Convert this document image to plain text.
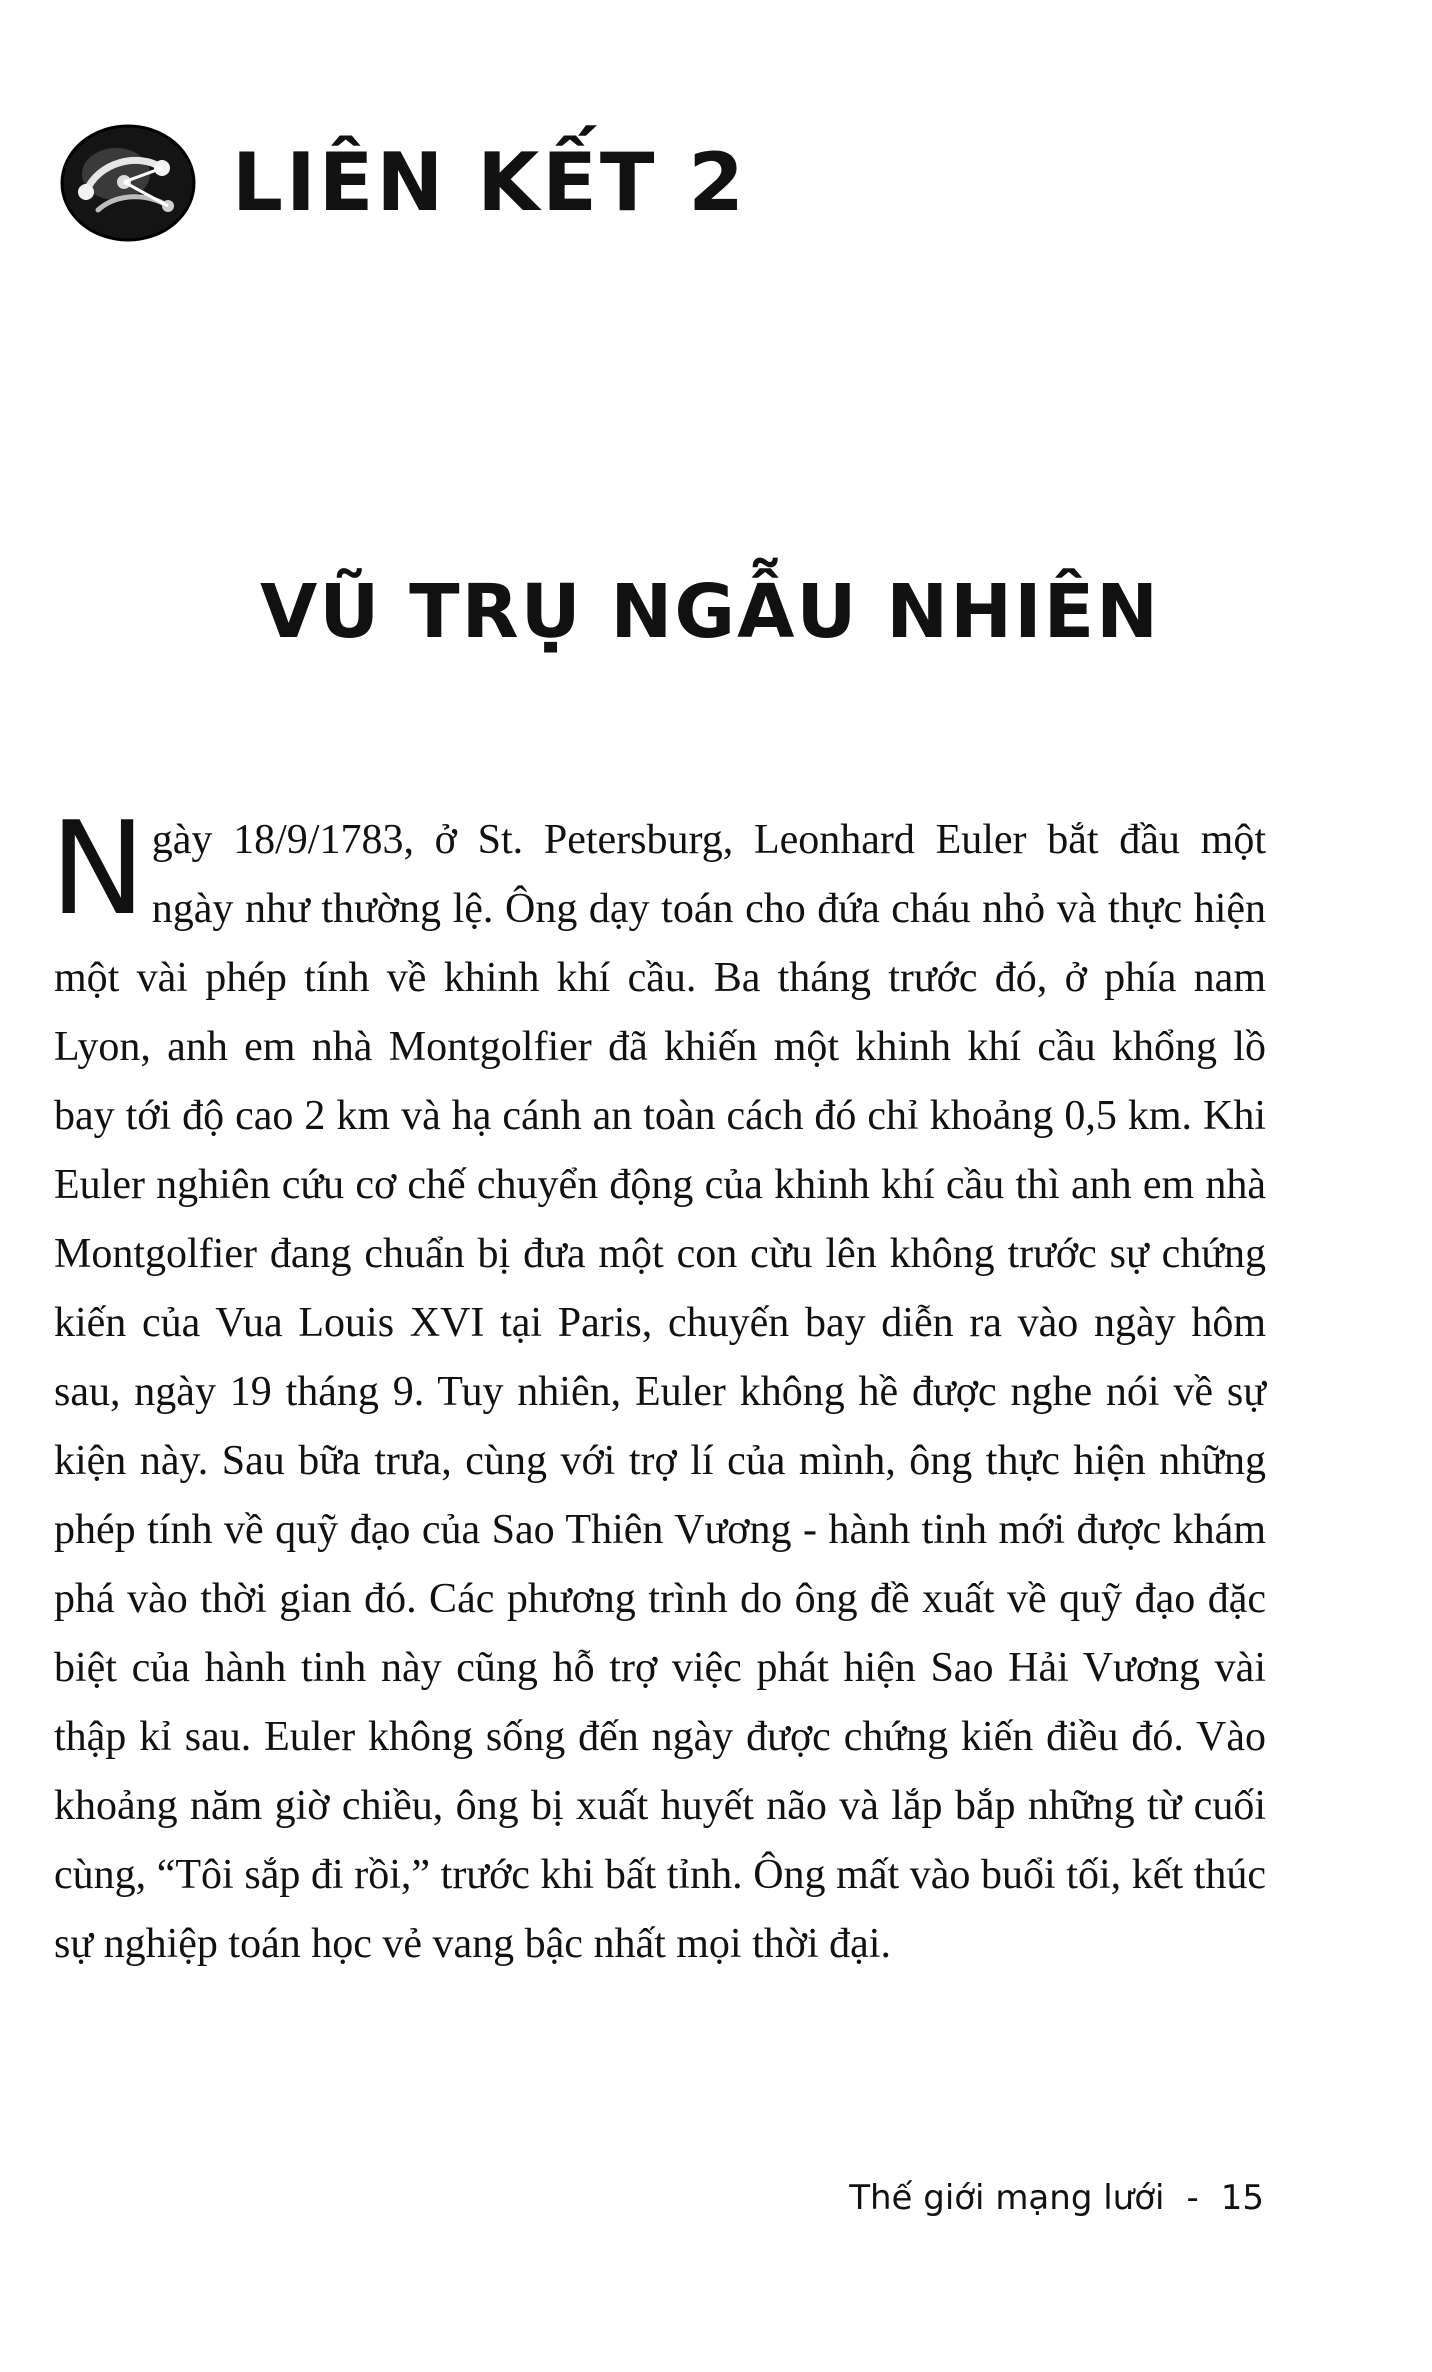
LIÊN KẾT 2
VŨ TRỤ NGẪU NHIÊN

Ngày 18/9/1783, ở St. Petersburg, Leonhard Euler bắt đầu một ngày như thường lệ. Ông dạy toán cho đứa cháu nhỏ và thực hiện một vài phép tính về khinh khí cầu. Ba tháng trước đó, ở phía nam Lyon, anh em nhà Montgolfier đã khiến một khinh khí cầu khổng lồ bay tới độ cao 2 km và hạ cánh an toàn cách đó chỉ khoảng 0,5 km. Khi Euler nghiên cứu cơ chế chuyển động của khinh khí cầu thì anh em nhà Montgolfier đang chuẩn bị đưa một con cừu lên không trước sự chứng kiến của Vua Louis XVI tại Paris, chuyến bay diễn ra vào ngày hôm sau, ngày 19 tháng 9. Tuy nhiên, Euler không hề được nghe nói về sự kiện này. Sau bữa trưa, cùng với trợ lí của mình, ông thực hiện những phép tính về quỹ đạo của Sao Thiên Vương - hành tinh mới được khám phá vào thời gian đó. Các phương trình do ông đề xuất về quỹ đạo đặc biệt của hành tinh này cũng hỗ trợ việc phát hiện Sao Hải Vương vài thập kỉ sau. Euler không sống đến ngày được chứng kiến điều đó. Vào khoảng năm giờ chiều, ông bị xuất huyết não và lắp bắp những từ cuối cùng, “Tôi sắp đi rồi,” trước khi bất tỉnh. Ông mất vào buổi tối, kết thúc sự nghiệp toán học vẻ vang bậc nhất mọi thời đại.

Thế giới mạng lưới - 15
